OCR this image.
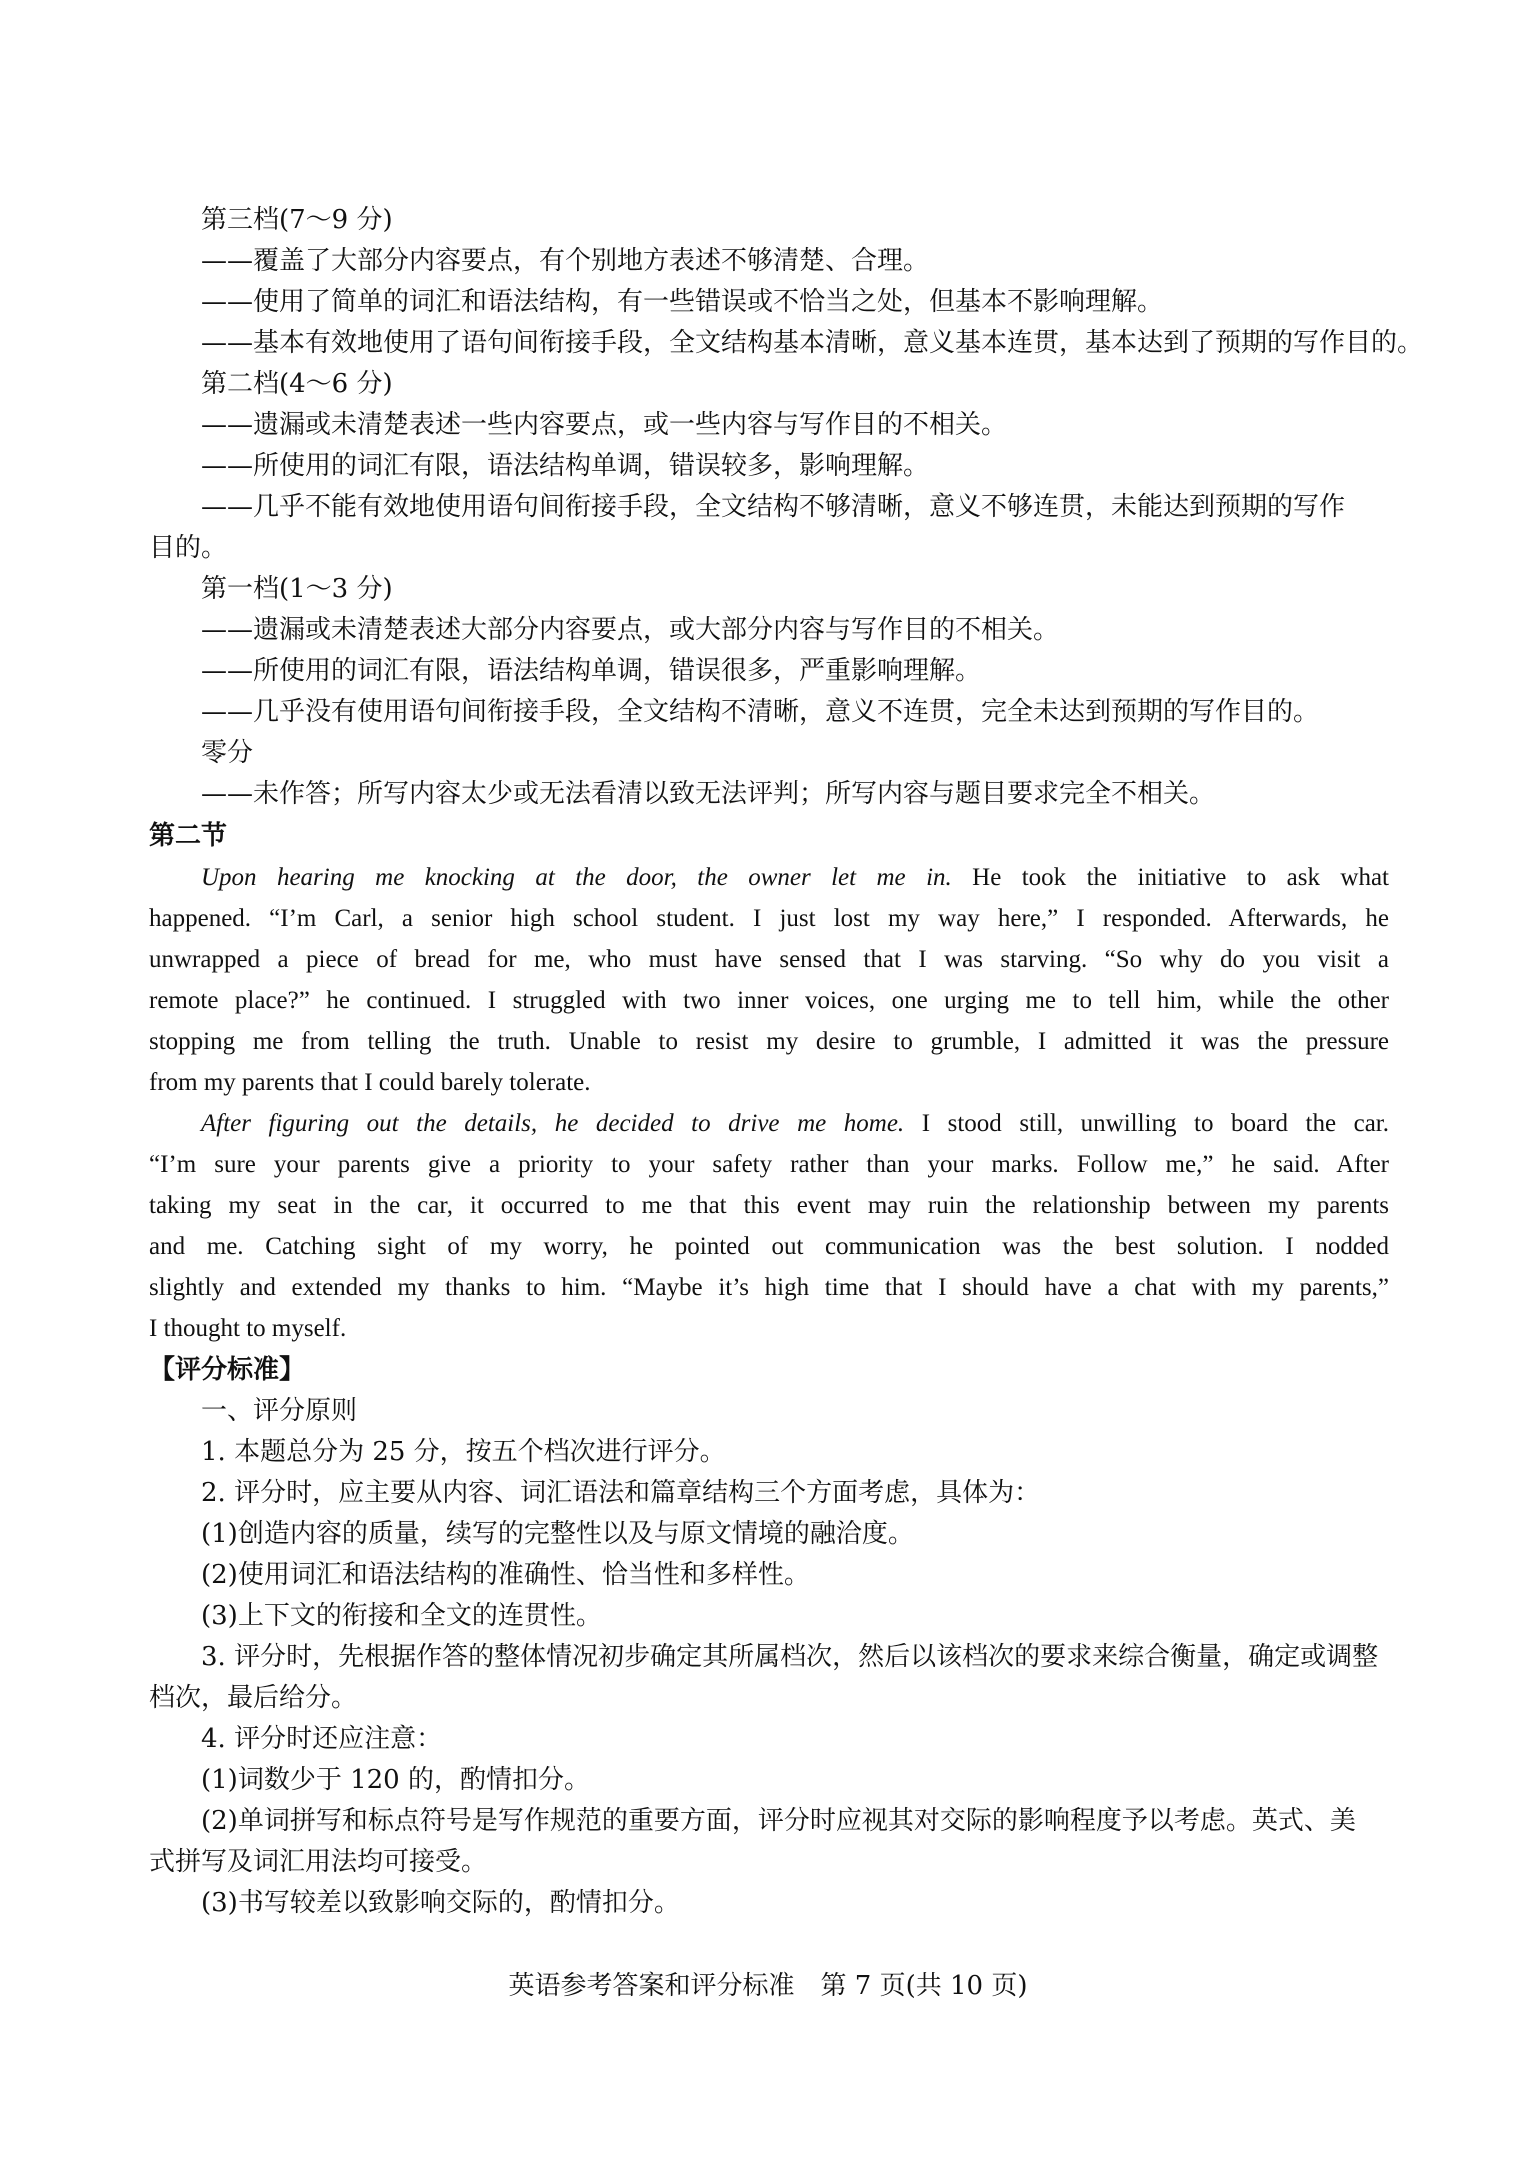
第三档(7～9 分)
——覆盖了大部分内容要点，有个别地方表述不够清楚、合理。
——使用了简单的词汇和语法结构，有一些错误或不恰当之处，但基本不影响理解。
——基本有效地使用了语句间衔接手段，全文结构基本清晰，意义基本连贯，基本达到了预期的写作目的。
第二档(4～6 分)
——遗漏或未清楚表述一些内容要点，或一些内容与写作目的不相关。
——所使用的词汇有限，语法结构单调，错误较多，影响理解。
——几乎不能有效地使用语句间衔接手段，全文结构不够清晰，意义不够连贯，未能达到预期的写作
目的。
第一档(1～3 分)
——遗漏或未清楚表述大部分内容要点，或大部分内容与写作目的不相关。
——所使用的词汇有限，语法结构单调，错误很多，严重影响理解。
——几乎没有使用语句间衔接手段，全文结构不清晰，意义不连贯，完全未达到预期的写作目的。
零分
——未作答；所写内容太少或无法看清以致无法评判；所写内容与题目要求完全不相关。
第二节
Upon hearing me knocking at the door, the owner let me in. He took the initiative to ask what
happened. “I’m Carl, a senior high school student. I just lost my way here,” I responded. Afterwards, he
unwrapped a piece of bread for me, who must have sensed that I was starving. “So why do you visit a
remote place?” he continued. I struggled with two inner voices, one urging me to tell him, while the other
stopping me from telling the truth. Unable to resist my desire to grumble, I admitted it was the pressure
from my parents that I could barely tolerate.
After figuring out the details, he decided to drive me home. I stood still, unwilling to board the car.
“I’m sure your parents give a priority to your safety rather than your marks. Follow me,” he said. After
taking my seat in the car, it occurred to me that this event may ruin the relationship between my parents
and me. Catching sight of my worry, he pointed out communication was the best solution. I nodded
slightly and extended my thanks to him. “Maybe it’s high time that I should have a chat with my parents,”
I thought to myself.
【评分标准】
一、评分原则
1. 本题总分为 25 分，按五个档次进行评分。
2. 评分时，应主要从内容、词汇语法和篇章结构三个方面考虑，具体为：
(1)创造内容的质量，续写的完整性以及与原文情境的融洽度。
(2)使用词汇和语法结构的准确性、恰当性和多样性。
(3)上下文的衔接和全文的连贯性。
3. 评分时，先根据作答的整体情况初步确定其所属档次，然后以该档次的要求来综合衡量，确定或调整
档次，最后给分。
4. 评分时还应注意：
(1)词数少于 120 的，酌情扣分。
(2)单词拼写和标点符号是写作规范的重要方面，评分时应视其对交际的影响程度予以考虑。英式、美
式拼写及词汇用法均可接受。
(3)书写较差以致影响交际的，酌情扣分。
英语参考答案和评分标准　第 7 页(共 10 页)
